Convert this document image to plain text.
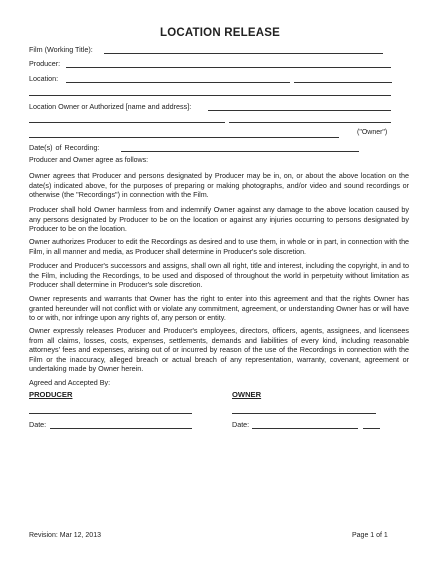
LOCATION RELEASE
Film (Working Title):
Producer:
Location:
Location Owner or Authorized [name and address]:
("Owner")
Date(s) of Recording:
Producer and Owner agree as follows:
Owner agrees that Producer and persons designated by Producer may be in, on, or about the above location on the date(s) indicated above, for the purposes of preparing or making photographs, and/or video and sound recordings or otherwise (the "Recordings") in connection with the Film.
Producer shall hold Owner harmless from and indemnify Owner against any damage to the above location caused by any persons designated by Producer to be on the location or against any injuries occurring to persons designated by Producer to be on the location.
Owner authorizes Producer to edit the Recordings as desired and to use them, in whole or in part, in connection with the Film, in all manner and media, as Producer shall determine in Producer's sole discretion.
Producer and Producer's successors and assigns, shall own all right, title and interest, including the copyright, in and to the Film, including the Recordings, to be used and disposed of throughout the world in perpetuity without limitation as Producer shall determine in Producer's sole discretion.
Owner represents and warrants that Owner has the right to enter into this agreement and that the rights Owner has granted hereunder will not conflict with or violate any commitment, agreement, or understanding Owner has or will have to or with, nor infringe upon any rights of, any person or entity.
Owner expressly releases Producer and Producer's employees, directors, officers, agents, assignees, and licensees from all claims, losses, costs, expenses, settlements, demands and liabilities of every kind, including reasonable attorneys' fees and expenses, arising out of or incurred by reason of the use of the Recordings in connection with the Film or the inaccuracy, alleged breach or actual breach of any representation, warranty, covenant, agreement or undertaking made by Owner herein.
Agreed and Accepted By:
PRODUCER	OWNER
Date:	Date:
Revision: Mar 12, 2013	Page 1 of 1
